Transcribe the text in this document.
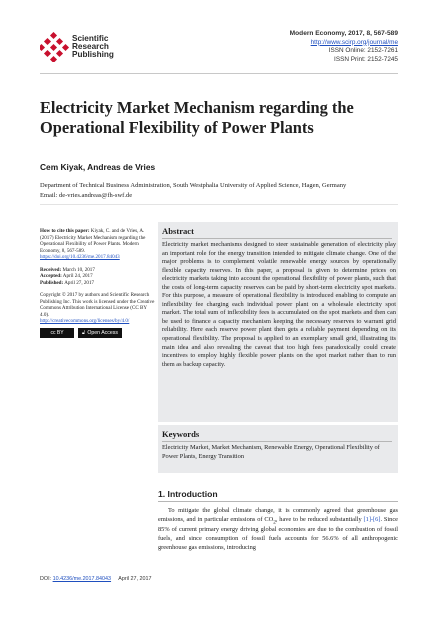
Scientific
Research
Publishing
Modern Economy, 2017, 8, 567-589
http://www.scirp.org/journal/me
ISSN Online: 2152-7261
ISSN Print: 2152-7245
Electricity Market Mechanism regarding the Operational Flexibility of Power Plants
Cem Kiyak, Andreas de Vries
Department of Technical Business Administration, South Westphalia University of Applied Science, Hagen, Germany
Email: de-vries.andreas@fh-swf.de
How to cite this paper: Kiyak, C. and de Vries, A. (2017) Electricity Market Mechanism regarding the Operational Flexibility of Power Plants. Modern Economy, 8, 567-589. https://doi.org/10.4236/me.2017.84043
Received: March 10, 2017
Accepted: April 24, 2017
Published: April 27, 2017
Copyright © 2017 by authors and Scientific Research Publishing Inc. This work is licensed under the Creative Commons Attribution International License (CC BY 4.0).
http://creativecommons.org/licenses/by/4.0/
cc BY	🔓︎ Open Access
Abstract
Electricity market mechanisms designed to steer sustainable generation of electricity play an important role for the energy transition intended to mitigate climate change. One of the major problems is to complement volatile renewable energy sources by operationally flexible capacity reserves. In this paper, a proposal is given to determine prices on electricity markets taking into account the operational flexibility of power plants, such that the costs of long-term capacity reserves can be paid by short-term electricity spot markets. For this purpose, a measure of operational flexibility is introduced enabling to compute an inflexibility fee charging each individual power plant on a wholesale electricity spot market. The total sum of inflexibility fees is accumulated on the spot markets and then can be used to finance a capacity mechanism keeping the necessary reserves to warrant grid reliability. Here each reserve power plant then gets a reliable payment depending on its operational flexibility. The proposal is applied to an exemplary small grid, illustrating its main idea and also revealing the caveat that too high fees paradoxically could create incentives to employ highly flexible power plants on the spot market rather than to run them as backup capacity.
Keywords
Electricity Market, Market Mechanism, Renewable Energy, Operational Flexibility of Power Plants, Energy Transition
1. Introduction
To mitigate the global climate change, it is commonly agreed that greenhouse gas emissions, and in particular emissions of $CO_2$, have to be reduced substantially [1]-[6]. Since 85% of current primary energy driving global economies are due to the combustion of fossil fuels, and since consumption of fossil fuels accounts for 56.6% of all anthropogenic greenhouse gas emissions, introducing
DOI: 10.4236/me.2017.84043 April 27, 2017
